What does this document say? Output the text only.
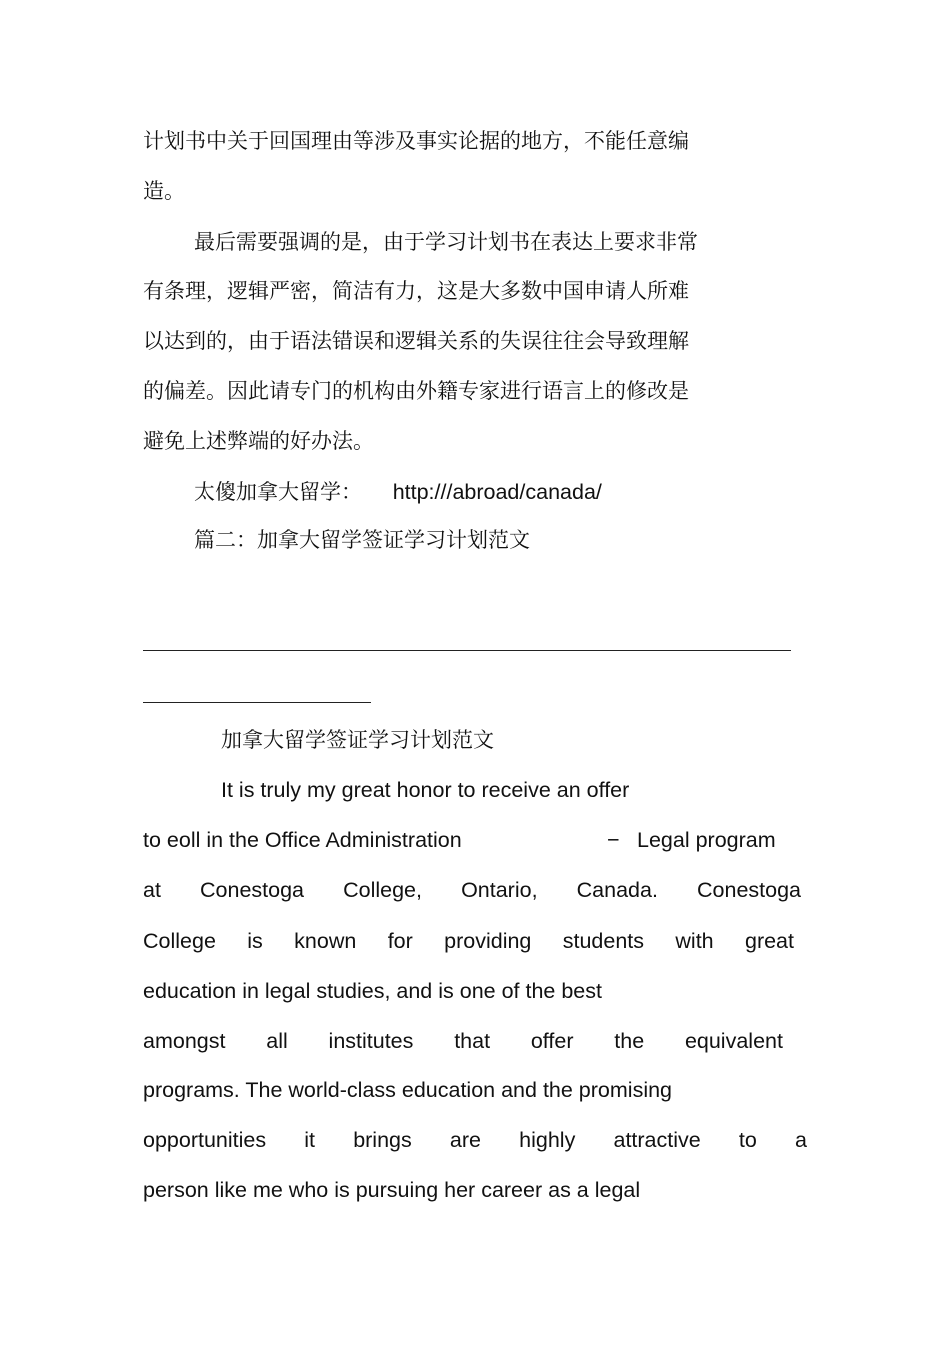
计划书中关于回国理由等涉及事实论据的地方，不能任意编
造。
最后需要强调的是，由于学习计划书在表达上要求非常
有条理，逻辑严密，简洁有力，这是大多数中国申请人所难
以达到的，由于语法错误和逻辑关系的失误往往会导致理解
的偏差。因此请专门的机构由外籍专家进行语言上的修改是
避免上述弊端的好办法。
太傻加拿大留学： http:///abroad/canada/
篇二：加拿大留学签证学习计划范文
加拿大留学签证学习计划范文
It is truly my great honor to receive an offer
to eoll in the Office Administration	− Legal program
at Conestoga College, Ontario, Canada. Conestoga
College is known for providing students with great
education in legal studies, and is one of the best
amongst all institutes that offer the equivalent
programs. The world-class education and the promising
opportunities it brings are highly attractive to a
person like me who is pursuing her career as a legal
